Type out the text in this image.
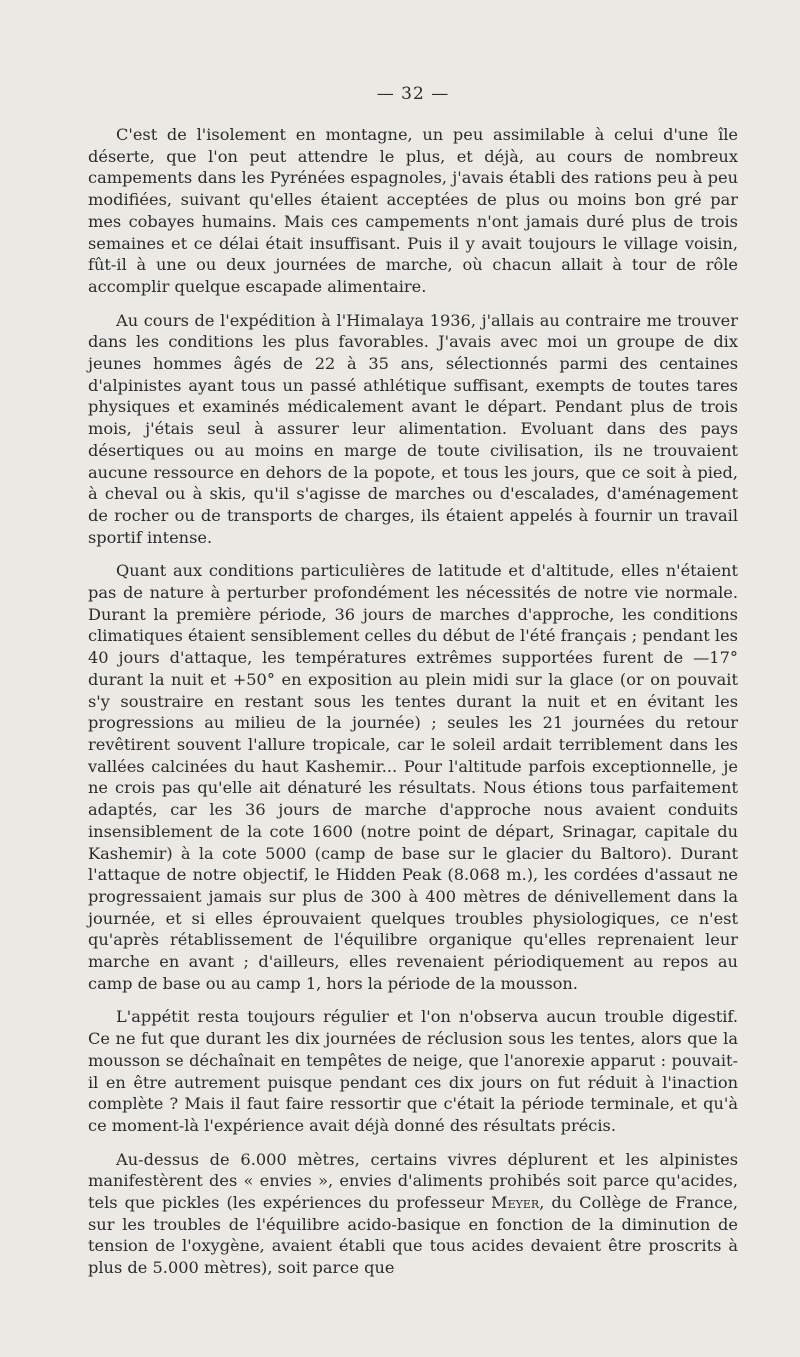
— 32 —

C'est de l'isolement en montagne, un peu assimilable à celui d'une île déserte, que l'on peut attendre le plus, et déjà, au cours de nombreux campements dans les Pyrénées espagnoles, j'avais établi des rations peu à peu modifiées, suivant qu'elles étaient acceptées de plus ou moins bon gré par mes cobayes humains. Mais ces campements n'ont jamais duré plus de trois semaines et ce délai était insuffisant. Puis il y avait toujours le village voisin, fût-il à une ou deux journées de marche, où chacun allait à tour de rôle accomplir quelque escapade alimentaire.

Au cours de l'expédition à l'Himalaya 1936, j'allais au contraire me trouver dans les conditions les plus favorables. J'avais avec moi un groupe de dix jeunes hommes âgés de 22 à 35 ans, sélectionnés parmi des centaines d'alpinistes ayant tous un passé athlétique suffisant, exempts de toutes tares physiques et examinés médicalement avant le départ. Pendant plus de trois mois, j'étais seul à assurer leur alimentation. Evoluant dans des pays désertiques ou au moins en marge de toute civilisation, ils ne trouvaient aucune ressource en dehors de la popote, et tous les jours, que ce soit à pied, à cheval ou à skis, qu'il s'agisse de marches ou d'escalades, d'aménagement de rocher ou de transports de charges, ils étaient appelés à fournir un travail sportif intense.

Quant aux conditions particulières de latitude et d'altitude, elles n'étaient pas de nature à perturber profondément les nécessités de notre vie normale. Durant la première période, 36 jours de marches d'approche, les conditions climatiques étaient sensiblement celles du début de l'été français ; pendant les 40 jours d'attaque, les températures extrêmes supportées furent de —17° durant la nuit et +50° en exposition au plein midi sur la glace (or on pouvait s'y soustraire en restant sous les tentes durant la nuit et en évitant les progressions au milieu de la journée) ; seules les 21 journées du retour revêtirent souvent l'allure tropicale, car le soleil ardait terriblement dans les vallées calcinées du haut Kashemir... Pour l'altitude parfois exceptionnelle, je ne crois pas qu'elle ait dénaturé les résultats. Nous étions tous parfaitement adaptés, car les 36 jours de marche d'approche nous avaient conduits insensiblement de la cote 1600 (notre point de départ, Srinagar, capitale du Kashemir) à la cote 5000 (camp de base sur le glacier du Baltoro). Durant l'attaque de notre objectif, le Hidden Peak (8.068 m.), les cordées d'assaut ne progressaient jamais sur plus de 300 à 400 mètres de dénivellement dans la journée, et si elles éprouvaient quelques troubles physiologiques, ce n'est qu'après rétablissement de l'équilibre organique qu'elles reprenaient leur marche en avant ; d'ailleurs, elles revenaient périodiquement au repos au camp de base ou au camp 1, hors la période de la mousson.

L'appétit resta toujours régulier et l'on n'observa aucun trouble digestif. Ce ne fut que durant les dix journées de réclusion sous les tentes, alors que la mousson se déchaînait en tempêtes de neige, que l'anorexie apparut : pouvait-il en être autrement puisque pendant ces dix jours on fut réduit à l'inaction complète ? Mais il faut faire ressortir que c'était la période terminale, et qu'à ce moment-là l'expérience avait déjà donné des résultats précis.

Au-dessus de 6.000 mètres, certains vivres déplurent et les alpinistes manifestèrent des « envies », envies d'aliments prohibés soit parce qu'acides, tels que pickles (les expériences du professeur Meyer, du Collège de France, sur les troubles de l'équilibre acido-basique en fonction de la diminution de tension de l'oxygène, avaient établi que tous acides devaient être proscrits à plus de 5.000 mètres), soit parce que
